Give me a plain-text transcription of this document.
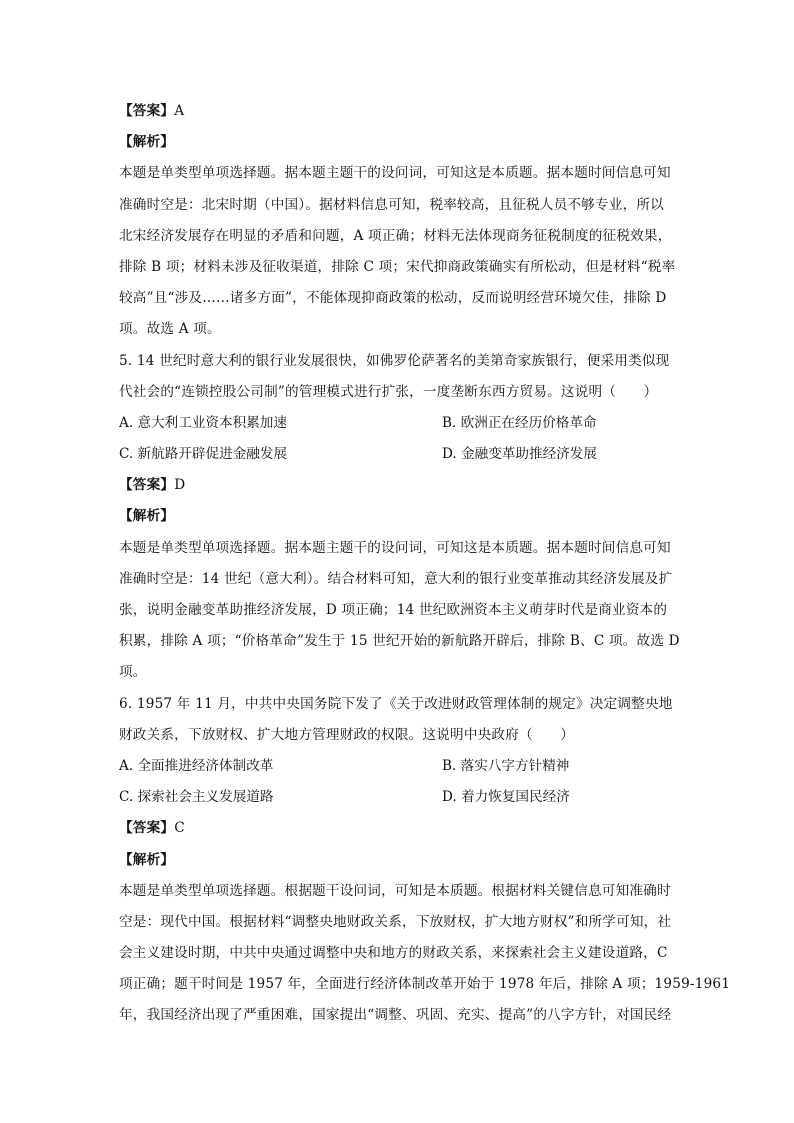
【答案】A
【解析】
本题是单类型单项选择题。据本题主题干的设问词，可知这是本质题。据本题时间信息可知
准确时空是：北宋时期（中国）。据材料信息可知，税率较高，且征税人员不够专业，所以
北宋经济发展存在明显的矛盾和问题，A 项正确；材料无法体现商务征税制度的征税效果，
排除 B 项；材料未涉及征收渠道，排除 C 项；宋代抑商政策确实有所松动，但是材料“税率
较高”且“涉及……诸多方面”，不能体现抑商政策的松动，反而说明经营环境欠佳，排除 D
项。故选 A 项。
5. 14 世纪时意大利的银行业发展很快，如佛罗伦萨著名的美第奇家族银行，便采用类似现
代社会的“连锁控股公司制”的管理模式进行扩张，一度垄断东西方贸易。这说明（　　）
A. 意大利工业资本积累加速	B. 欧洲正在经历价格革命
C. 新航路开辟促进金融发展	D. 金融变革助推经济发展
【答案】D
【解析】
本题是单类型单项选择题。据本题主题干的设问词，可知这是本质题。据本题时间信息可知
准确时空是：14 世纪（意大利）。结合材料可知，意大利的银行业变革推动其经济发展及扩
张，说明金融变革助推经济发展，D 项正确；14 世纪欧洲资本主义萌芽时代是商业资本的
积累，排除 A 项；“价格革命”发生于 15 世纪开始的新航路开辟后，排除 B、C 项。故选 D
项。
6. 1957 年 11 月，中共中央国务院下发了《关于改进财政管理体制的规定》决定调整央地
财政关系，下放财权、扩大地方管理财政的权限。这说明中央政府（　　）
A. 全面推进经济体制改革	B. 落实八字方针精神
C. 探索社会主义发展道路	D. 着力恢复国民经济
【答案】C
【解析】
本题是单类型单项选择题。根据题干设问词，可知是本质题。根据材料关键信息可知准确时
空是：现代中国。根据材料“调整央地财政关系，下放财权，扩大地方财权”和所学可知，社
会主义建设时期，中共中央通过调整中央和地方的财政关系，来探索社会主义建设道路，C
项正确；题干时间是 1957 年，全面进行经济体制改革开始于 1978 年后，排除 A 项；1959-1961
年，我国经济出现了严重困难，国家提出“调整、巩固、充实、提高”的八字方针，对国民经
